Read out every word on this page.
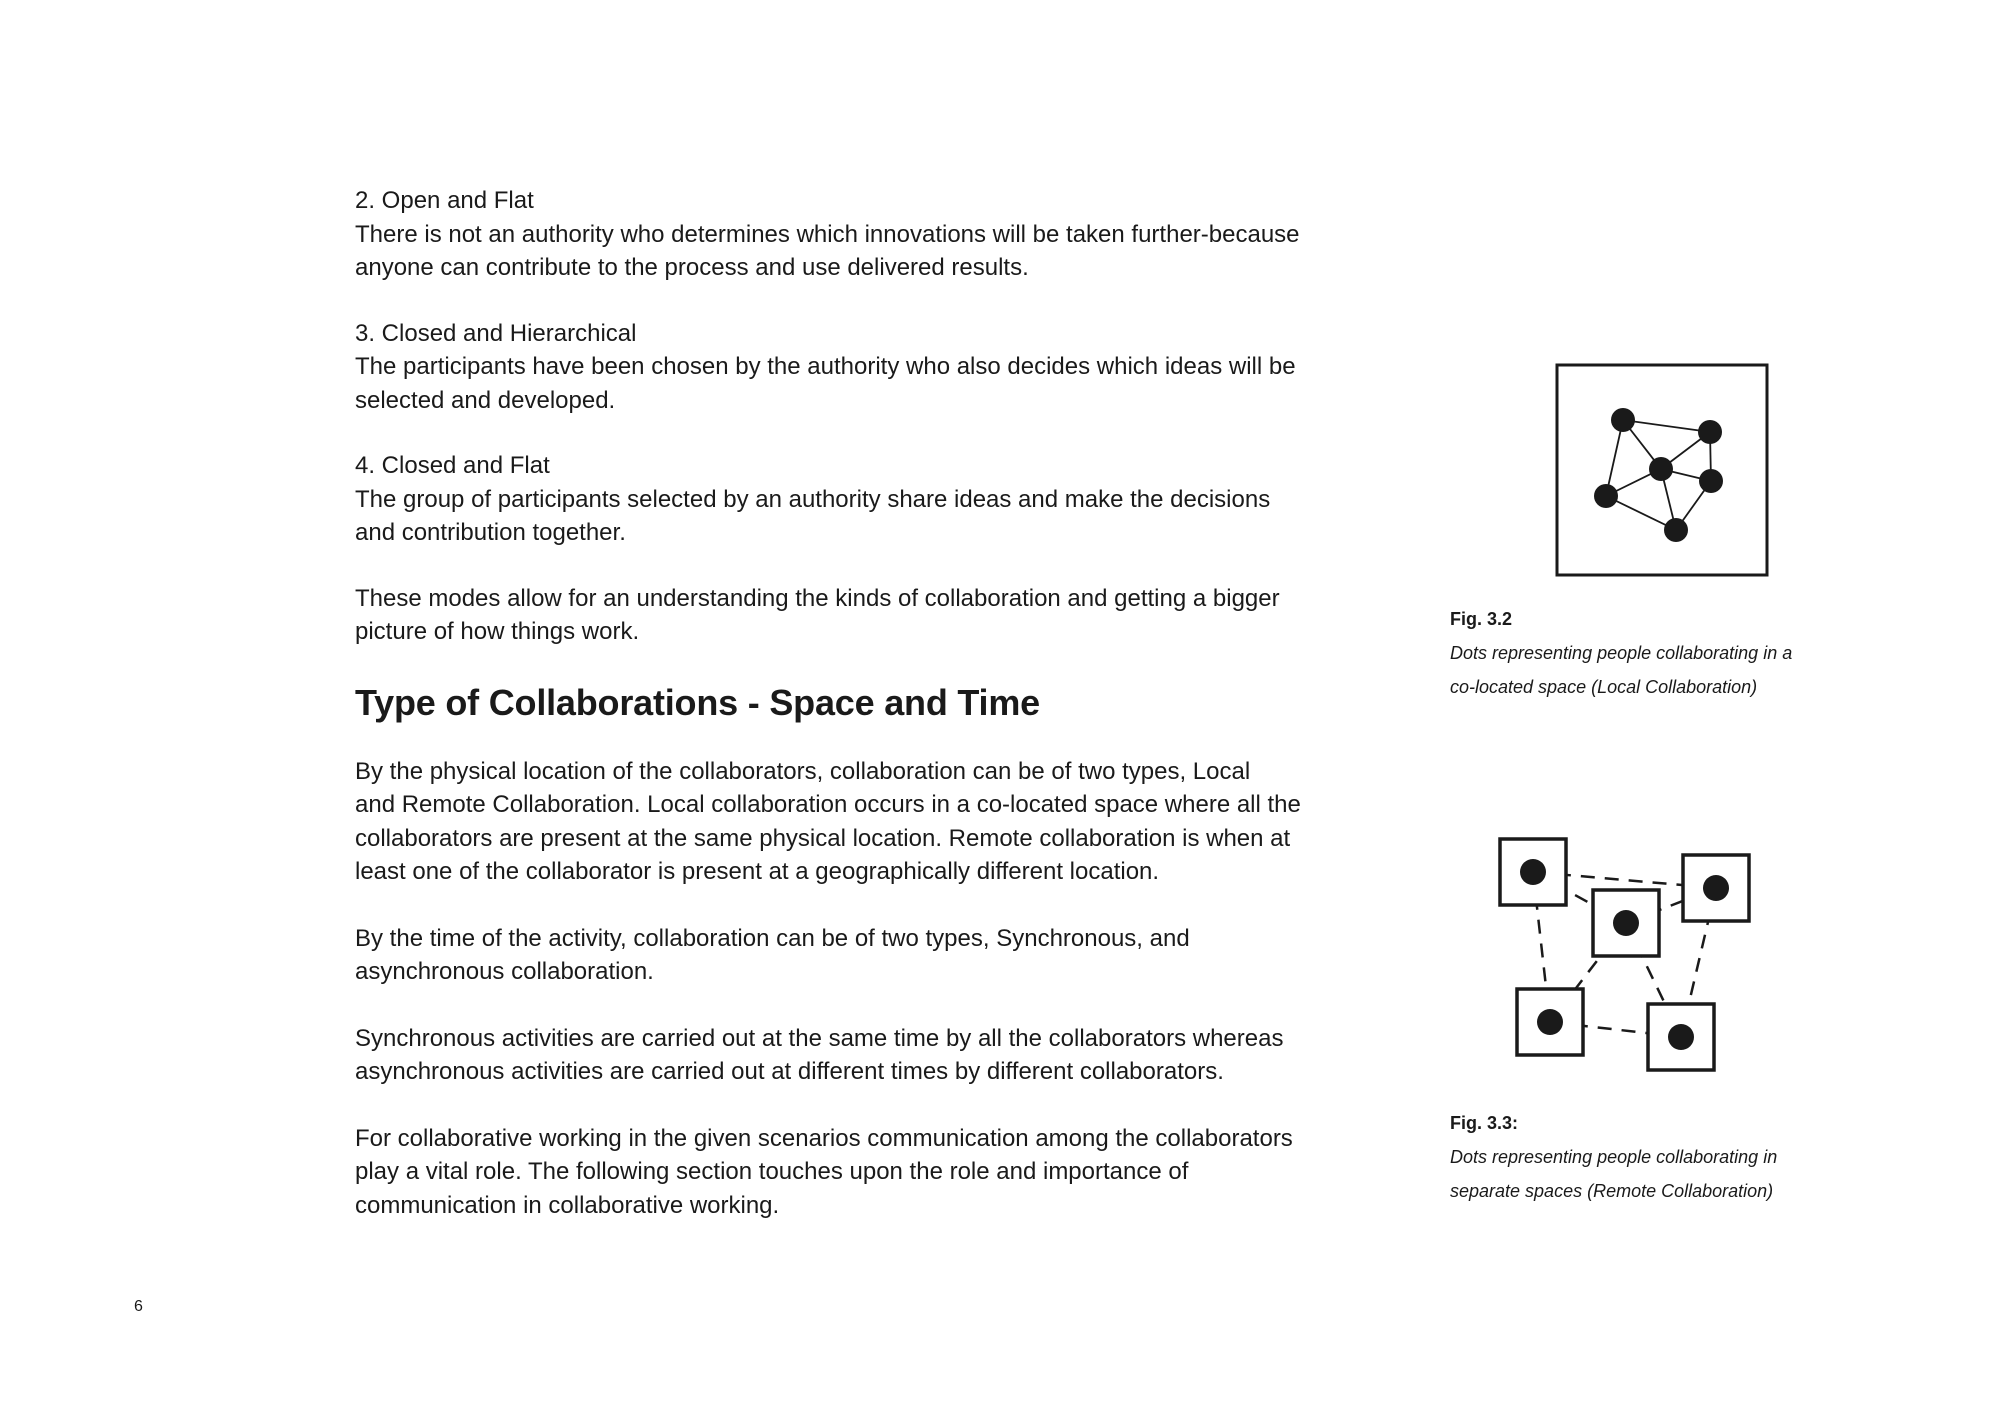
2. Open and Flat

There is not an authority who determines which innovations will be taken further-because

anyone can contribute to the process and use delivered results.

3. Closed and Hierarchical

The participants have been chosen by the authority who also decides which ideas will be

selected and developed.

4. Closed and Flat

The group of participants selected by an authority share ideas and make the decisions

and contribution together.

These modes allow for an understanding the kinds of collaboration and getting a bigger

picture of how things work.

Type of Collaborations - Space and Time

By the physical location of the collaborators, collaboration can be of two types, Local

and Remote Collaboration. Local collaboration occurs in a co-located space where all the

collaborators are present at the same physical location. Remote collaboration is when at

least one of the collaborator is present at a geographically different location.

By the time of the activity, collaboration can be of two types, Synchronous, and

asynchronous collaboration.

Synchronous activities are carried out at the same time by all the collaborators whereas

asynchronous activities are carried out at different times by different collaborators.

For collaborative working in the given scenarios communication among the collaborators

play a vital role. The following section touches upon the role and importance of

communication in collaborative working.

Fig. 3.2

Dots representing people collaborating in a

co-located space (Local Collaboration)

Fig. 3.3:

Dots representing people collaborating in

separate spaces (Remote Collaboration)

6
